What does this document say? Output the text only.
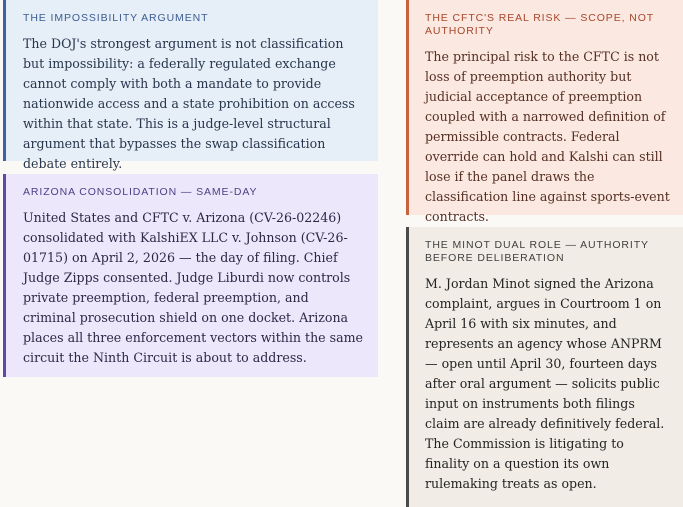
THE IMPOSSIBILITY ARGUMENT

The DOJ's strongest argument is not classification but impossibility: a federally regulated exchange cannot comply with both a mandate to provide nationwide access and a state prohibition on access within that state. This is a judge-level structural argument that bypasses the swap classification debate entirely.

ARIZONA CONSOLIDATION — SAME-DAY

United States and CFTC v. Arizona (CV-26-02246) consolidated with KalshiEX LLC v. Johnson (CV-26-01715) on April 2, 2026 — the day of filing. Chief Judge Zipps consented. Judge Liburdi now controls private preemption, federal preemption, and criminal prosecution shield on one docket. Arizona places all three enforcement vectors within the same circuit the Ninth Circuit is about to address.

THE CFTC'S REAL RISK — SCOPE, NOT AUTHORITY

The principal risk to the CFTC is not loss of preemption authority but judicial acceptance of preemption coupled with a narrowed definition of permissible contracts. Federal override can hold and Kalshi can still lose if the panel draws the classification line against sports-event contracts.

THE MINOT DUAL ROLE — AUTHORITY BEFORE DELIBERATION

M. Jordan Minot signed the Arizona complaint, argues in Courtroom 1 on April 16 with six minutes, and represents an agency whose ANPRM — open until April 30, fourteen days after oral argument — solicits public input on instruments both filings claim are already definitively federal. The Commission is litigating to finality on a question its own rulemaking treats as open.
